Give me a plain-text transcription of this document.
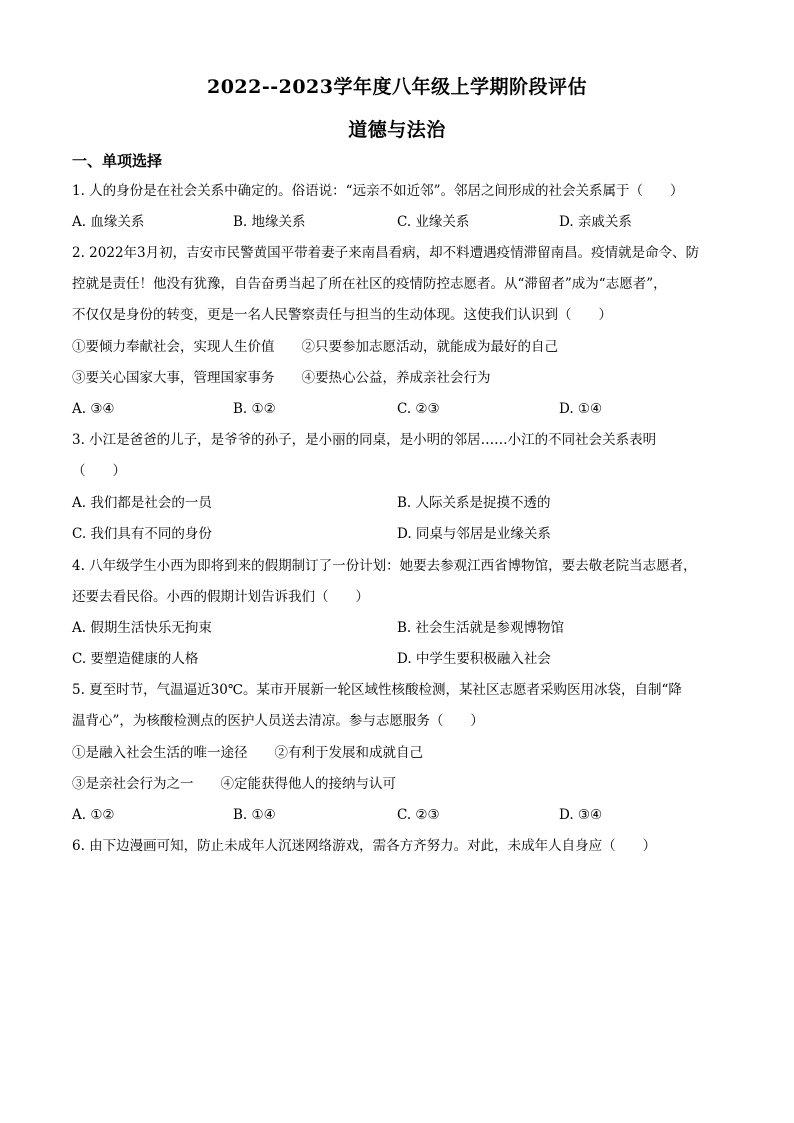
2022--2023学年度八年级上学期阶段评估
道德与法治
一、单项选择
1. 人的身份是在社会关系中确定的。俗语说：“远亲不如近邻”。邻居之间形成的社会关系属于（　　）
A. 血缘关系	B. 地缘关系	C. 业缘关系	D. 亲戚关系
2. 2022年3月初，吉安市民警黄国平带着妻子来南昌看病，却不料遭遇疫情滞留南昌。疫情就是命令、防
控就是责任！他没有犹豫，自告奋勇当起了所在社区的疫情防控志愿者。从“滞留者”成为“志愿者”，
不仅仅是身份的转变，更是一名人民警察责任与担当的生动体现。这使我们认识到（　　）
①要倾力奉献社会，实现人生价值　　②只要参加志愿活动，就能成为最好的自己
③要关心国家大事，管理国家事务　　④要热心公益，养成亲社会行为
A. ③④	B. ①②	C. ②③	D. ①④
3. 小江是爸爸的儿子，是爷爷的孙子，是小丽的同桌，是小明的邻居……小江的不同社会关系表明
（　　）
A. 我们都是社会的一员	B. 人际关系是捉摸不透的
C. 我们具有不同的身份	D. 同桌与邻居是业缘关系
4. 八年级学生小西为即将到来的假期制订了一份计划：她要去参观江西省博物馆，要去敬老院当志愿者，
还要去看民俗。小西的假期计划告诉我们（　　）
A. 假期生活快乐无拘束	B. 社会生活就是参观博物馆
C. 要塑造健康的人格	D. 中学生要积极融入社会
5. 夏至时节，气温逼近30℃。某市开展新一轮区域性核酸检测，某社区志愿者采购医用冰袋，自制“降
温背心”，为核酸检测点的医护人员送去清凉。参与志愿服务（　　）
①是融入社会生活的唯一途径　　②有利于发展和成就自己
③是亲社会行为之一　　④定能获得他人的接纳与认可
A. ①②	B. ①④	C. ②③	D. ③④
6. 由下边漫画可知，防止未成年人沉迷网络游戏，需各方齐努力。对此，未成年人自身应（　　）
